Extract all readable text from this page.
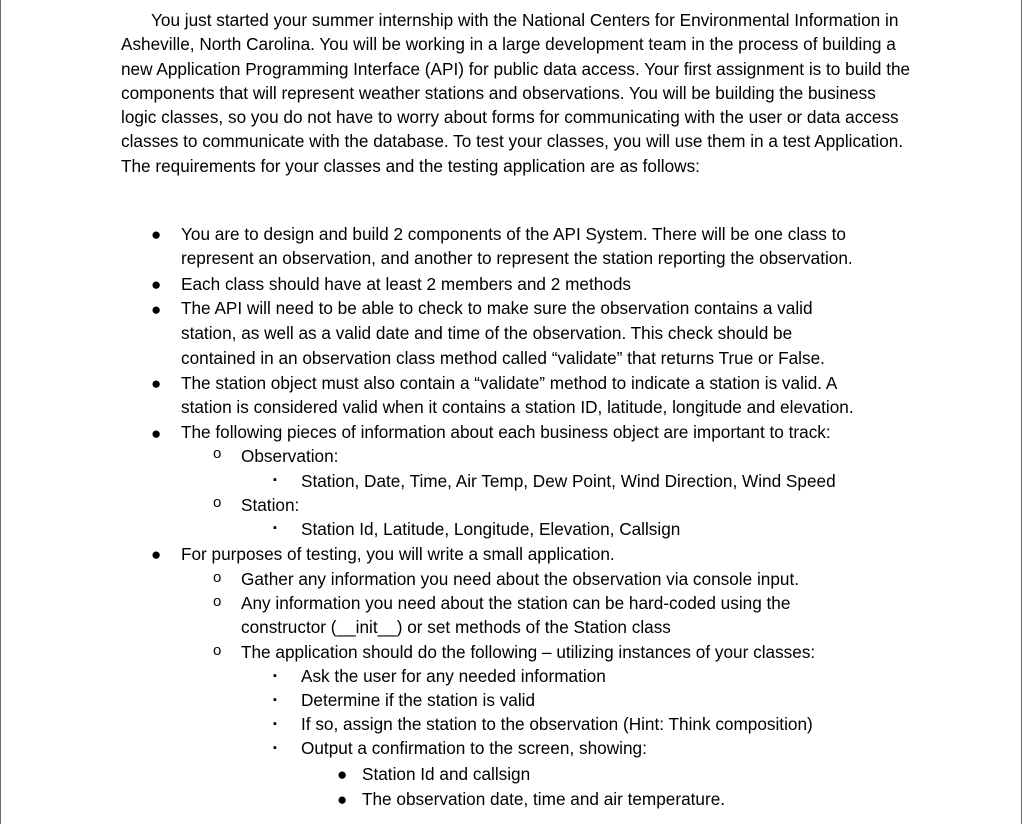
You just started your summer internship with the National Centers for Environmental Information in Asheville, North Carolina. You will be working in a large development team in the process of building a new Application Programming Interface (API) for public data access. Your first assignment is to build the components that will represent weather stations and observations. You will be building the business logic classes, so you do not have to worry about forms for communicating with the user or data access classes to communicate with the database. To test your classes, you will use them in a test Application. The requirements for your classes and the testing application are as follows:

● You are to design and build 2 components of the API System. There will be one class to
represent an observation, and another to represent the station reporting the observation.
● Each class should have at least 2 members and 2 methods
● The API will need to be able to check to make sure the observation contains a valid
station, as well as a valid date and time of the observation. This check should be
contained in an observation class method called “validate” that returns True or False.
● The station object must also contain a “validate” method to indicate a station is valid. A
station is considered valid when it contains a station ID, latitude, longitude and elevation.
● The following pieces of information about each business object are important to track:
o Observation:
▪ Station, Date, Time, Air Temp, Dew Point, Wind Direction, Wind Speed
o Station:
▪ Station Id, Latitude, Longitude, Elevation, Callsign
● For purposes of testing, you will write a small application.
o Gather any information you need about the observation via console input.
o Any information you need about the station can be hard-coded using the
constructor (__init__) or set methods of the Station class
o The application should do the following – utilizing instances of your classes:
▪ Ask the user for any needed information
▪ Determine if the station is valid
▪ If so, assign the station to the observation (Hint: Think composition)
▪ Output a confirmation to the screen, showing:
● Station Id and callsign
● The observation date, time and air temperature.
